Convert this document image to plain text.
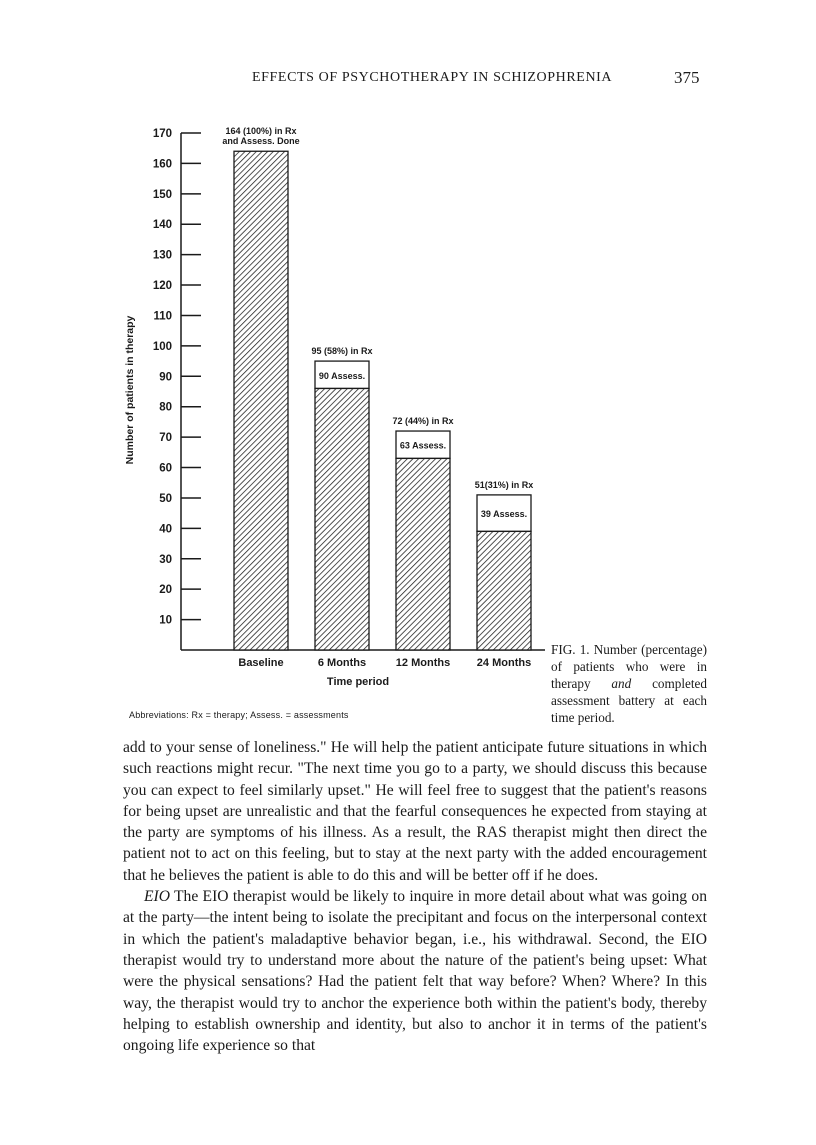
EFFECTS OF PSYCHOTHERAPY IN SCHIZOPHRENIA	375
10
20
30
40
50
60
70
80
90
100
110
120
130
140
150
160
170	164 (100%) in Rx
and Assess. Done
90 Assess.
95 (58%) in Rx
63 Assess.
72 (44%) in Rx
39 Assess.
51(31%) in Rx
Baseline	6 Months	12 Months 24 Months
Time period
Number of patients in therapy
Abbreviations: Rx = therapy; Assess. = assessments
FIG. 1. Number (percentage) of patients who were in therapy and completed assessment battery at each time period.

add to your sense of loneliness." He will help the patient anticipate future situations in which such reactions might recur. "The next time you go to a party, we should discuss this because you can expect to feel similarly upset." He will feel free to suggest that the patient's reasons for being upset are unrealistic and that the fearful consequences he expected from staying at the party are symptoms of his illness. As a result, the RAS therapist might then direct the patient not to act on this feeling, but to stay at the next party with the added encouragement that he believes the patient is able to do this and will be better off if he does.

EIO The EIO therapist would be likely to inquire in more detail about what was going on at the party—the intent being to isolate the precipitant and focus on the interpersonal context in which the patient's maladaptive behavior began, i.e., his withdrawal. Second, the EIO therapist would try to understand more about the nature of the patient's being upset: What were the physical sensations? Had the patient felt that way before? When? Where? In this way, the therapist would try to anchor the experience both within the patient's body, thereby helping to establish ownership and identity, but also to anchor it in terms of the patient's ongoing life experience so that
